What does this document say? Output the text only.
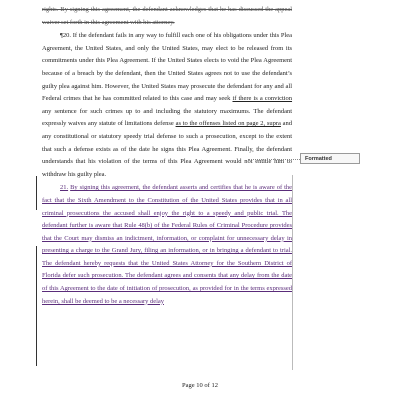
rights. By signing this agreement, the defendant acknowledges that he has discussed the appeal waiver set forth in this agreement with his attorney.

¶20. If the defendant fails in any way to fulfill each one of his obligations under this Plea Agreement, the United States, and only the United States, may elect to be released from its commitments under this Plea Agreement. If the United States elects to void the Plea Agreement because of a breach by the defendant, then the United States agrees not to use the defendant’s guilty plea against him. However, the United States may prosecute the defendant for any and all Federal crimes that he has committed related to this case and may seek if there is a conviction any sentence for such crimes up to and including the statutory maximums. The defendant expressly waives any statute of limitations defense as to the offenses listed on page 2, supra and any constitutional or statutory speedy trial defense to such a prosecution, except to the extent that such a defense exists as of the date he signs this Plea Agreement. Finally, the defendant understands that his violation of the terms of this Plea Agreement would not entitle him to withdraw his guilty plea.

21. By signing this agreement, the defendant asserts and certifies that he is aware of the fact that the Sixth Amendment to the Constitution of the United States provides that in all criminal prosecutions the accused shall enjoy the right to a speedy and public trial. The defendant further is aware that Rule 48(b) of the Federal Rules of Criminal Procedure provides that the Court may dismiss an indictment, information, or complaint for unnecessary delay in presenting a charge to the Grand Jury, filing an information, or in bringing a defendant to trial. The defendant hereby requests that the United States Attorney for the Southern District of Florida defer such prosecution. The defendant agrees and consents that any delay from the date of this Agreement to the date of initiation of prosecution, as provided for in the terms expressed herein, shall be deemed to be a necessary delay

Formatted
Page 10 of 12
